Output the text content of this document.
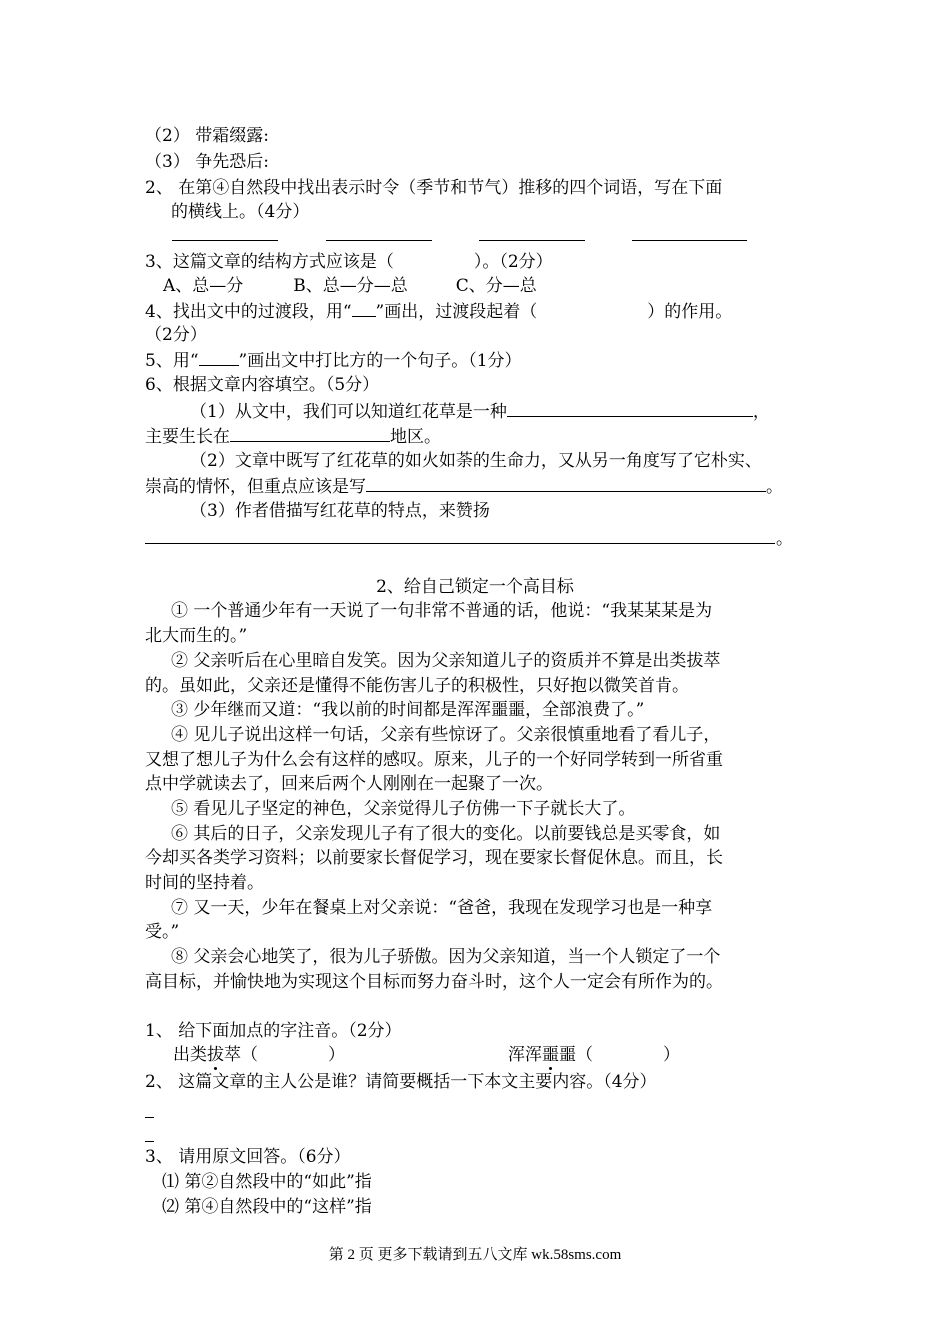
（2） 带霜缀露:
（3） 争先恐后:
2、 在第④自然段中找出表示时令（季节和节气）推移的四个词语，写在下面
的横线上。（4分）
3、这篇文章的结构方式应该是（	）。（2分）
A、总—分	B、总—分—总	C、分—总
4、找出文中的过渡段，用“ ”画出，过渡段起着（	）的作用。
（2分）
5、用“ ”画出文中打比方的一个句子。（1分）
6、根据文章内容填空。（5分）
（1）从文中，我们可以知道红花草是一种	，
主要生长在	地区。
（2）文章中既写了红花草的如火如荼的生命力，又从另一角度写了它朴实、
崇高的情怀，但重点应该是写	。
（3）作者借描写红花草的特点，来赞扬
。
2、给自己锁定一个高目标
① 一个普通少年有一天说了一句非常不普通的话，他说：“我某某某是为
北大而生的。”
② 父亲听后在心里暗自发笑。因为父亲知道儿子的资质并不算是出类拔萃
的。虽如此，父亲还是懂得不能伤害儿子的积极性，只好抱以微笑首肯。
③ 少年继而又道：“我以前的时间都是浑浑噩噩，全部浪费了。”
④ 见儿子说出这样一句话，父亲有些惊讶了。父亲很慎重地看了看儿子，
又想了想儿子为什么会有这样的感叹。原来，儿子的一个好同学转到一所省重
点中学就读去了，回来后两个人刚刚在一起聚了一次。
⑤ 看见儿子坚定的神色，父亲觉得儿子仿佛一下子就长大了。
⑥ 其后的日子，父亲发现儿子有了很大的变化。以前要钱总是买零食，如
今却买各类学习资料；以前要家长督促学习，现在要家长督促休息。而且，长
时间的坚持着。
⑦ 又一天，少年在餐桌上对父亲说：“爸爸，我现在发现学习也是一种享
受。”
⑧ 父亲会心地笑了，很为儿子骄傲。因为父亲知道，当一个人锁定了一个
高目标，并愉快地为实现这个目标而努力奋斗时，这个人一定会有所作为的。
1、 给下面加点的字注音。（2分）
出类拔萃（	）	浑浑噩噩（	）
2、 这篇文章的主人公是谁？请简要概括一下本文主要内容。（4分）
3、 请用原文回答。（6分）
⑴ 第②自然段中的“如此”指
⑵ 第④自然段中的“这样”指
第 2 页 更多下载请到五八文库 wk.58sms.com
